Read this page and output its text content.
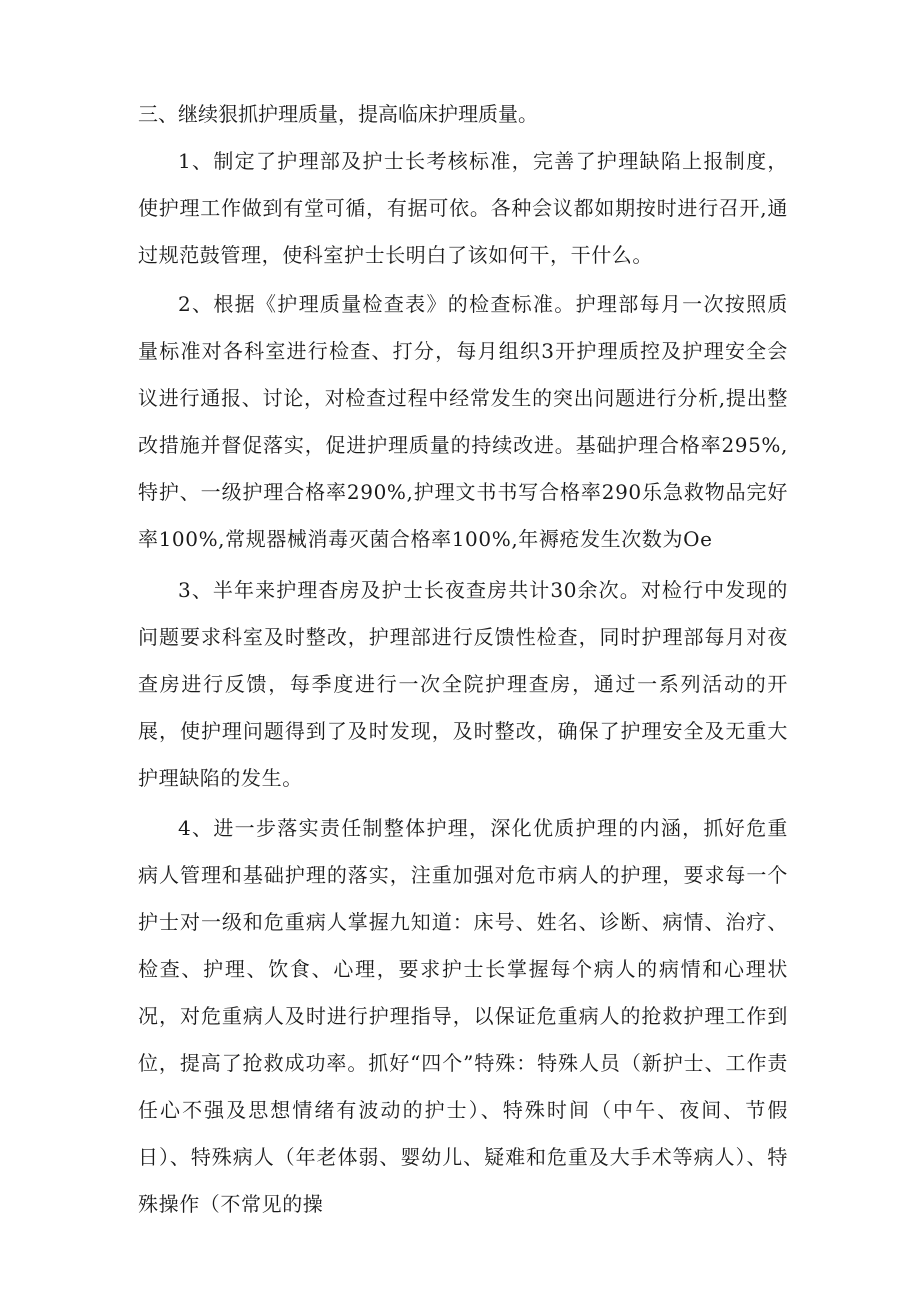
三、继续狠抓护理质量，提高临床护理质量。
1、制定了护理部及护士长考核标准，完善了护理缺陷上报制度，使护理工作做到有堂可循，有据可依。各种会议都如期按时进行召开,通过规范鼓管理，使科室护士长明白了该如何干，干什么。
2、根据《护理质量检查表》的检查标准。护理部每月一次按照质量标准对各科室进行检查、打分，每月组织3开护理质控及护理安全会议进行通报、讨论，对检查过程中经常发生的突出问题进行分析,提出整改措施并督促落实，促进护理质量的持续改进。基础护理合格率295%,特护、一级护理合格率290%,护理文书书写合格率290乐急救物品完好率100%,常规器械消毒灭菌合格率100%,年褥疮发生次数为Oe
3、半年来护理杳房及护士长夜查房共计30余次。对检行中发现的问题要求科室及时整改，护理部进行反馈性检查，同时护理部每月对夜查房进行反馈，每季度进行一次全院护理查房，通过一系列活动的开展，使护理问题得到了及时发现，及时整改，确保了护理安全及无重大护理缺陷的发生。
4、进一步落实责任制整体护理，深化优质护理的内涵，抓好危重病人管理和基础护理的落实，注重加强对危市病人的护理，要求每一个护士对一级和危重病人掌握九知道：床号、姓名、诊断、病情、治疗、检查、护理、饮食、心理，要求护士长掌握每个病人的病情和心理状况，对危重病人及时进行护理指导，以保证危重病人的抢救护理工作到位，提高了抢救成功率。抓好“四个”特殊：特殊人员（新护士、工作责任心不强及思想情绪有波动的护士）、特殊时间（中午、夜间、节假日）、特殊病人（年老体弱、婴幼儿、疑难和危重及大手术等病人）、特殊操作（不常见的操
